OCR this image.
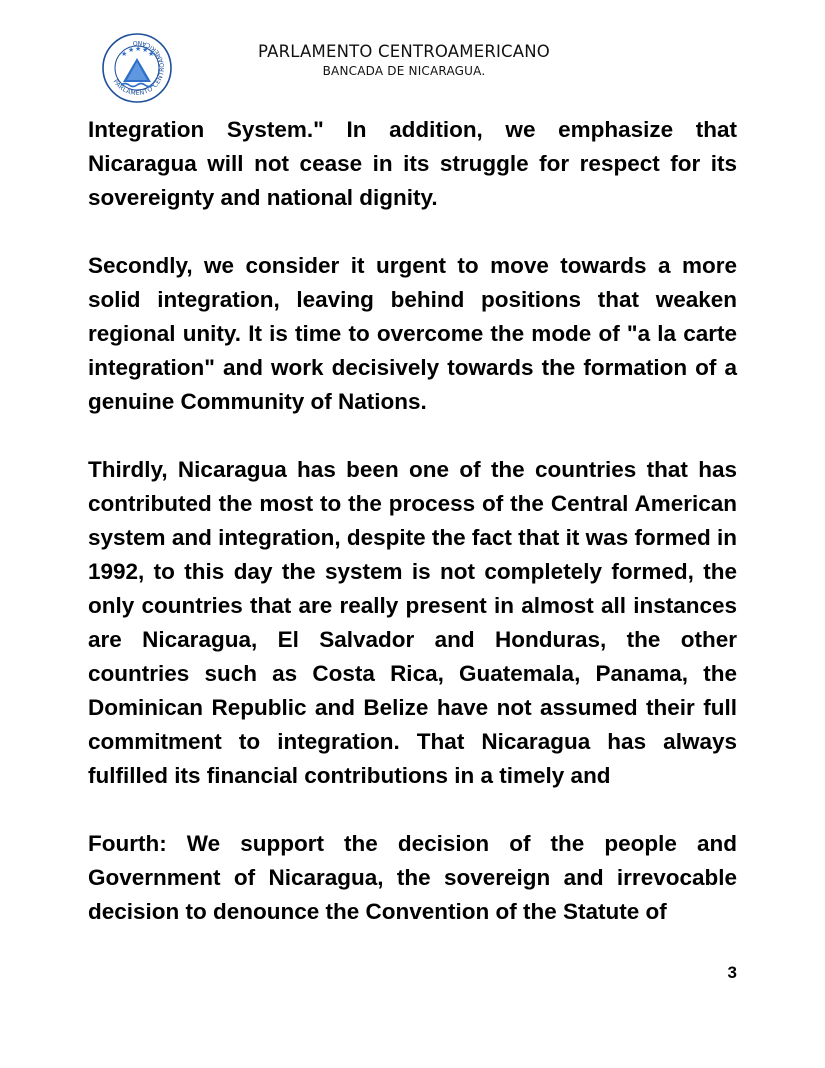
PARLAMENTO CENTROAMERICANO
★ ★ ★ ★ ★	PARLAMENTO CENTROAMERICANO
BANCADA DE NICARAGUA.

Integration System." In addition, we emphasize that Nicaragua will not cease in its struggle for respect for its sovereignty and national dignity.

Secondly, we consider it urgent to move towards a more solid integration, leaving behind positions that weaken regional unity. It is time to overcome the mode of "a la carte integration" and work decisively towards the formation of a genuine Community of Nations.

Thirdly, Nicaragua has been one of the countries that has contributed the most to the process of the Central American system and integration, despite the fact that it was formed in 1992, to this day the system is not completely formed, the only countries that are really present in almost all instances are Nicaragua, El Salvador and Honduras, the other countries such as Costa Rica, Guatemala, Panama, the Dominican Republic and Belize have not assumed their full commitment to integration. That Nicaragua has always fulfilled its financial contributions in a timely and

Fourth: We support the decision of the people and Government of Nicaragua, the sovereign and irrevocable decision to denounce the Convention of the Statute of

3
